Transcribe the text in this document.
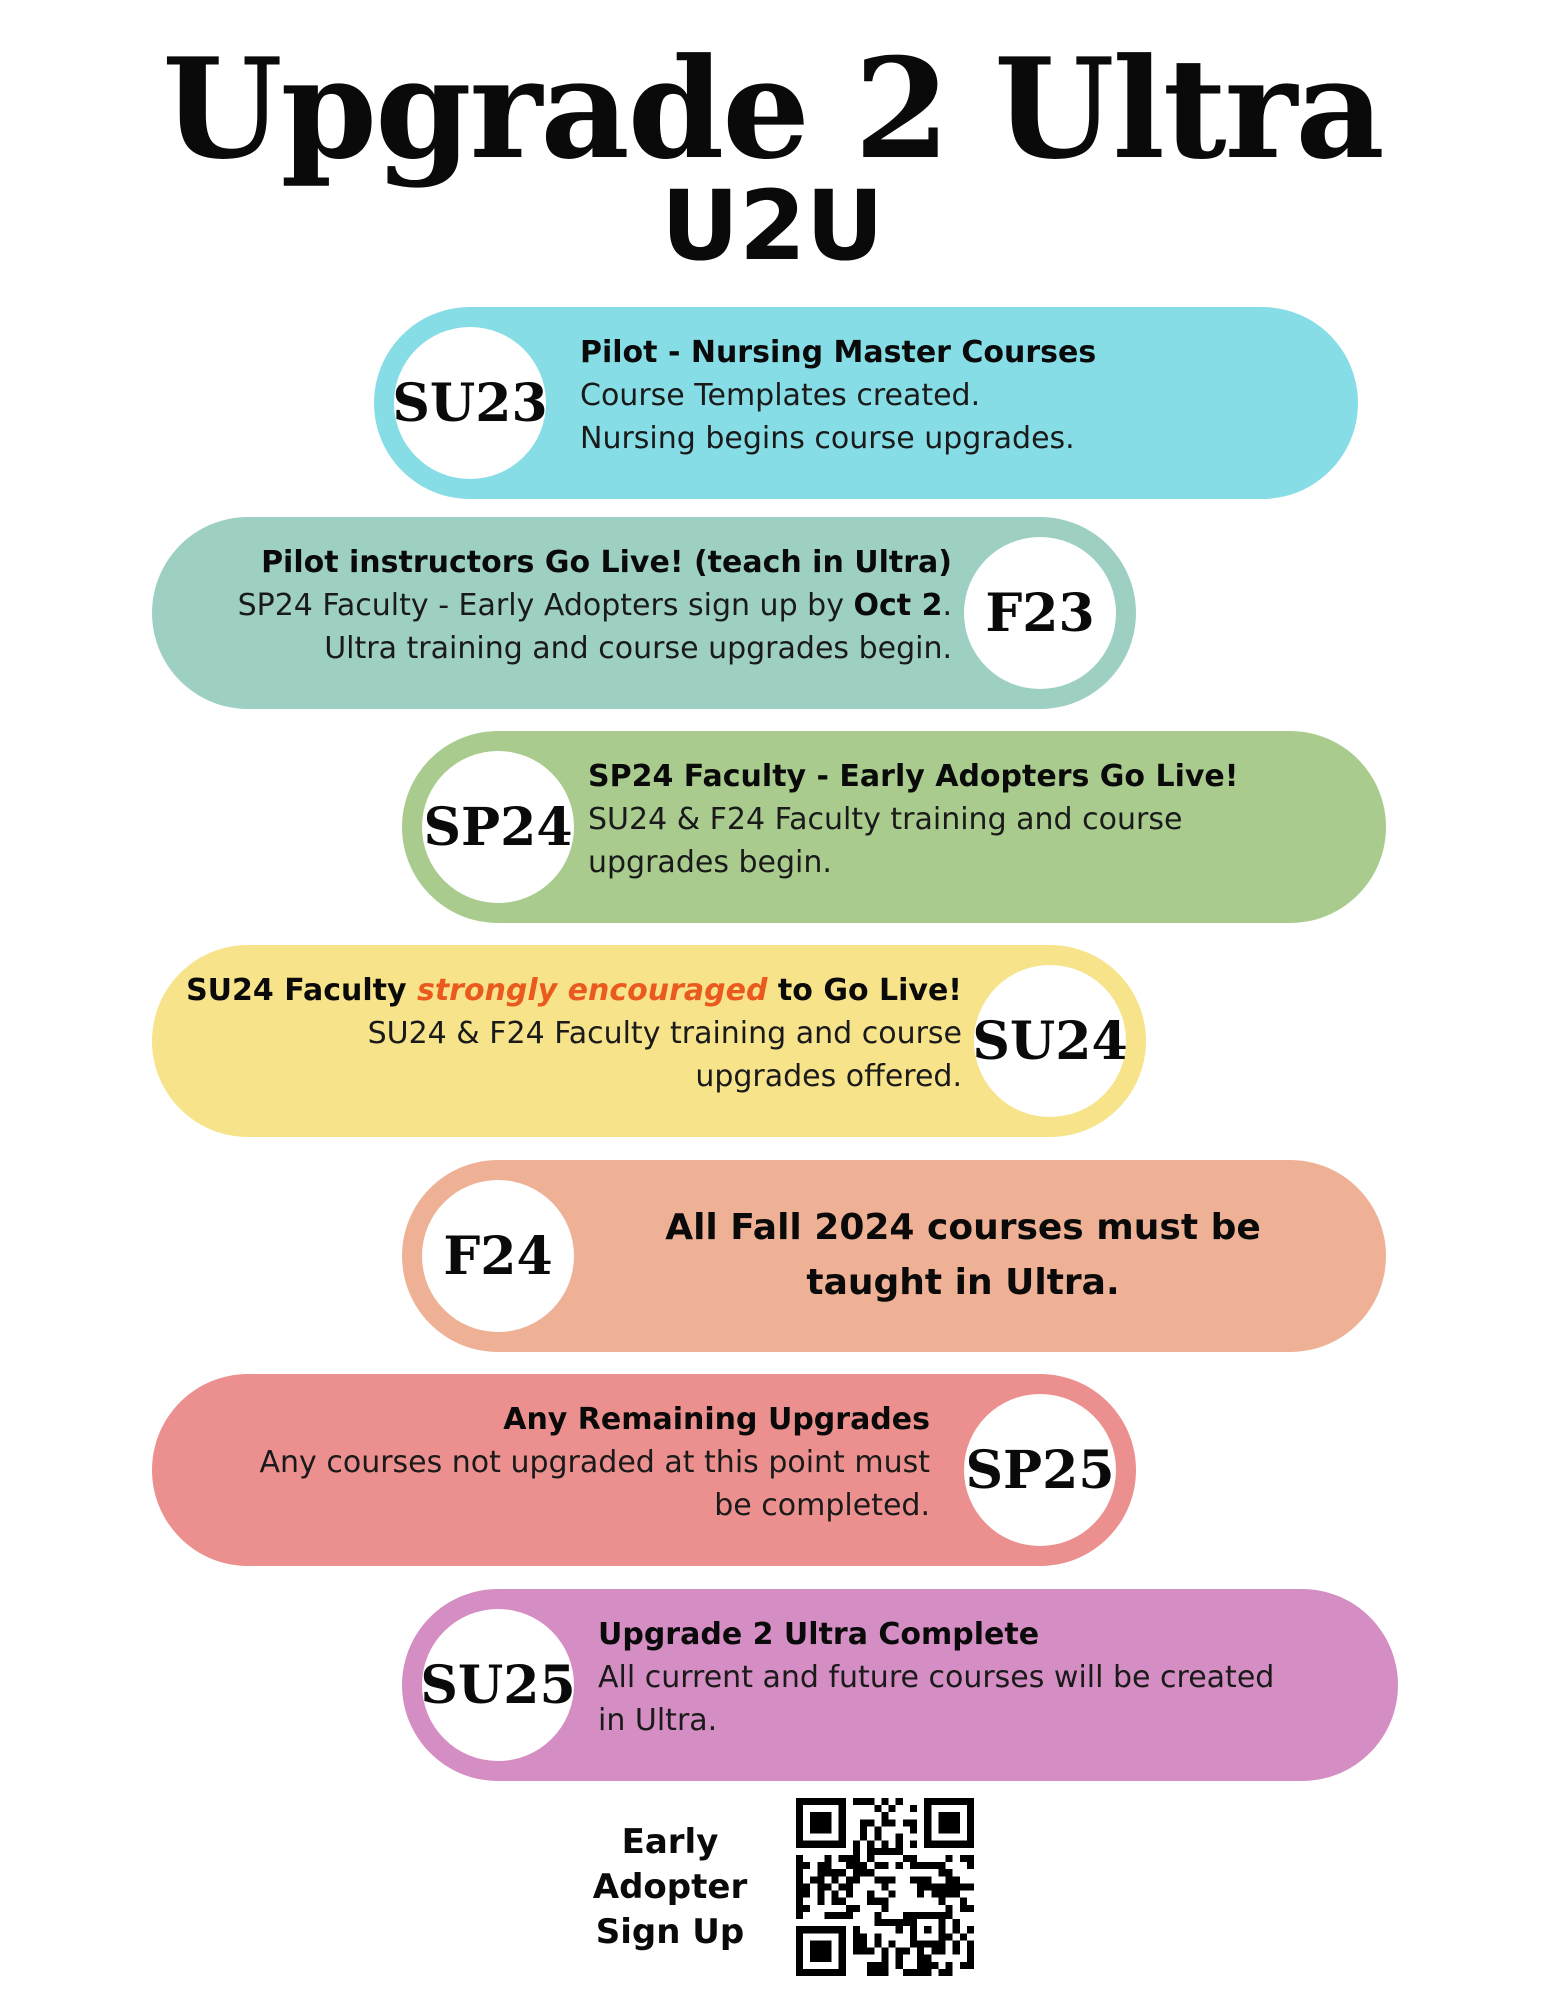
Upgrade 2 Ultra
U2U
SU23
Pilot - Nursing Master Courses
Course Templates created.
Nursing begins course upgrades.
F23
Pilot instructors Go Live! (teach in Ultra)
SP24 Faculty - Early Adopters sign up by Oct 2.
Ultra training and course upgrades begin.
SP24
SP24 Faculty - Early Adopters Go Live!
SU24 & F24 Faculty training and course
upgrades begin.
SU24
SU24 Faculty strongly encouraged to Go Live!
SU24 & F24 Faculty training and course
upgrades offered.
F24	All Fall 2024 courses must be
taught in Ultra.
SP25
Any Remaining Upgrades
Any courses not upgraded at this point must
be completed.
SU25
Upgrade 2 Ultra Complete
All current and future courses will be created
in Ultra.
Early
Adopter
Sign Up
